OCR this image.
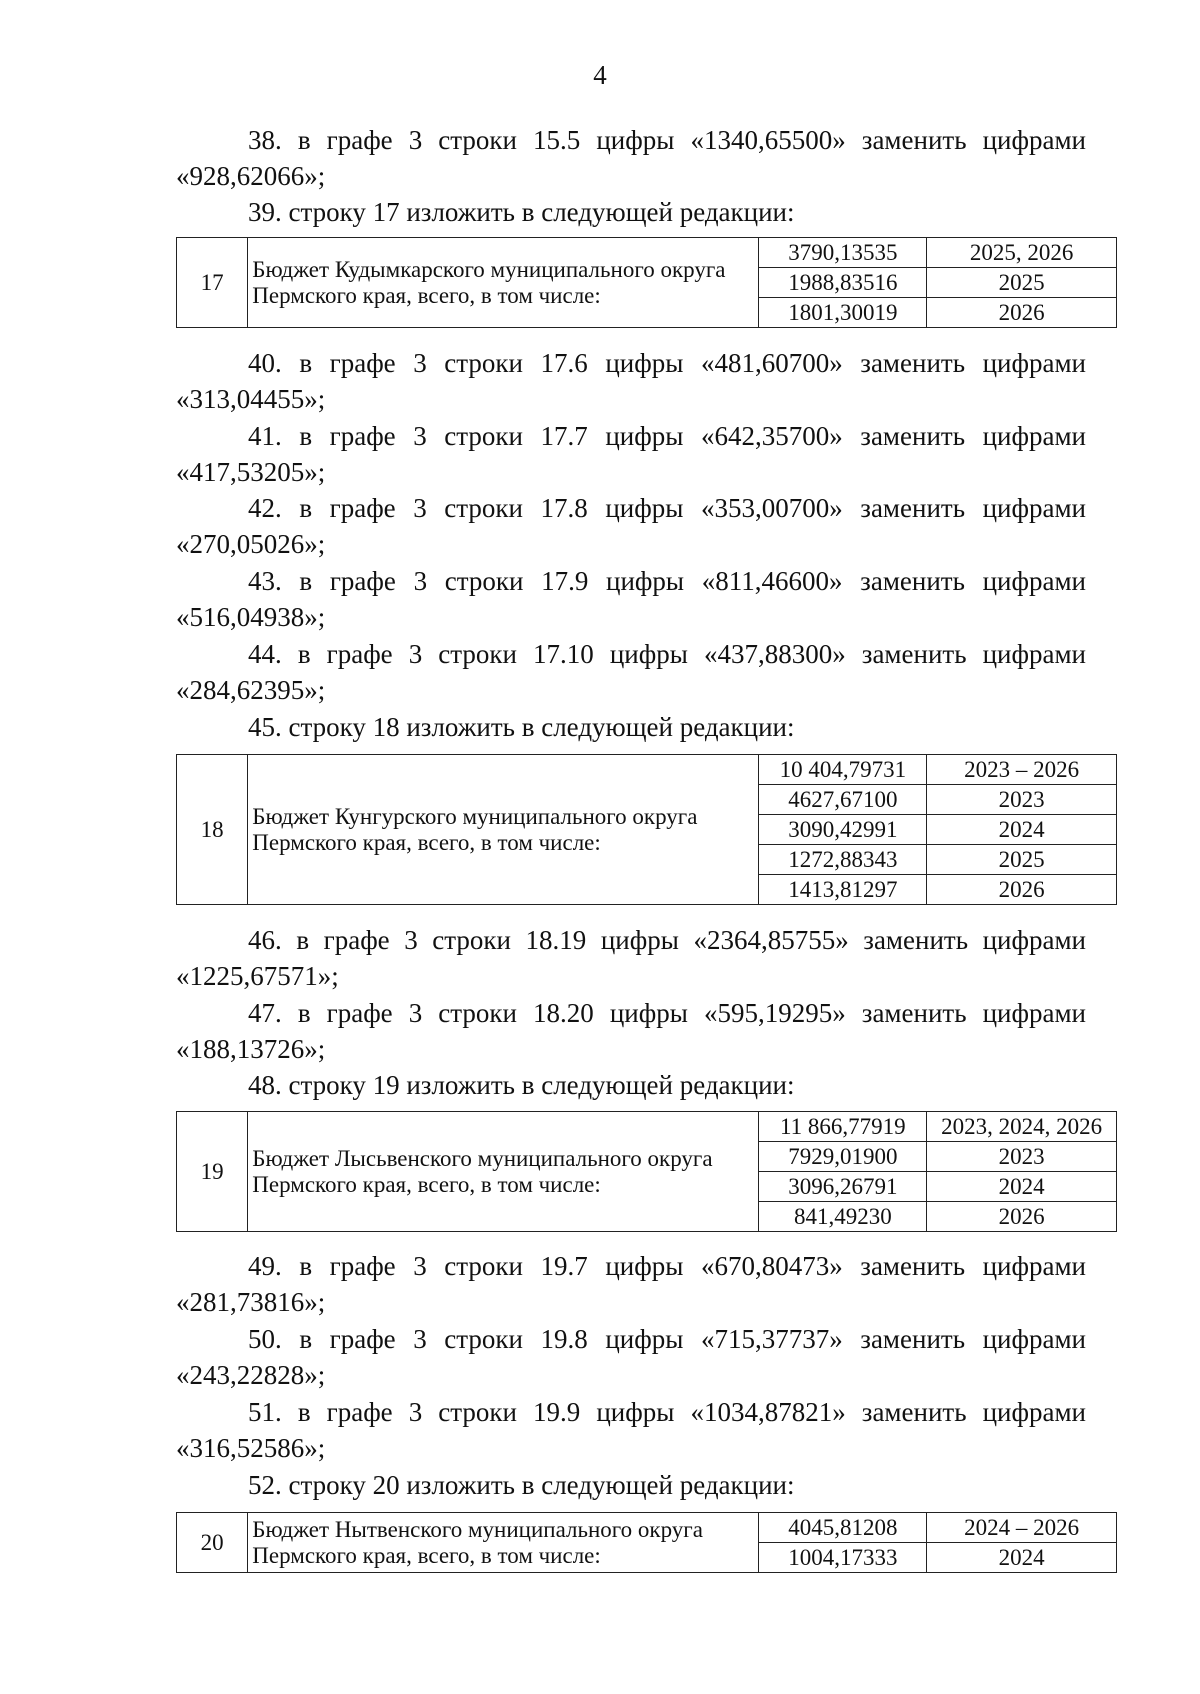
4
38. в графе 3 строки 15.5 цифры «1340,65500» заменить цифрами
«928,62066»;
39. строку 17 изложить в следующей редакции:
17	Бюджет Кудымкарского муниципального округа
Пермского края, всего, в том числе:	3790,13535	2025, 2026
		1988,83516	2025
		1801,30019	2026
40. в графе 3 строки 17.6 цифры «481,60700» заменить цифрами
«313,04455»;
41. в графе 3 строки 17.7 цифры «642,35700» заменить цифрами
«417,53205»;
42. в графе 3 строки 17.8 цифры «353,00700» заменить цифрами
«270,05026»;
43. в графе 3 строки 17.9 цифры «811,46600» заменить цифрами
«516,04938»;
44. в графе 3 строки 17.10 цифры «437,88300» заменить цифрами
«284,62395»;
45. строку 18 изложить в следующей редакции:
18	Бюджет Кунгурского муниципального округа
Пермского края, всего, в том числе:	10 404,79731	2023 – 2026
		4627,67100	2023
		3090,42991	2024
		1272,88343	2025
		1413,81297	2026
46. в графе 3 строки 18.19 цифры «2364,85755» заменить цифрами
«1225,67571»;
47. в графе 3 строки 18.20 цифры «595,19295» заменить цифрами
«188,13726»;
48. строку 19 изложить в следующей редакции:
19	Бюджет Лысьвенского муниципального округа
Пермского края, всего, в том числе:	11 866,77919	2023, 2024, 2026
		7929,01900	2023
		3096,26791	2024
		841,49230	2026
49. в графе 3 строки 19.7 цифры «670,80473» заменить цифрами
«281,73816»;
50. в графе 3 строки 19.8 цифры «715,37737» заменить цифрами
«243,22828»;
51. в графе 3 строки 19.9 цифры «1034,87821» заменить цифрами
«316,52586»;
52. строку 20 изложить в следующей редакции:
20	Бюджет Нытвенского муниципального округа
Пермского края, всего, в том числе:	4045,81208	2024 – 2026
		1004,17333	2024
